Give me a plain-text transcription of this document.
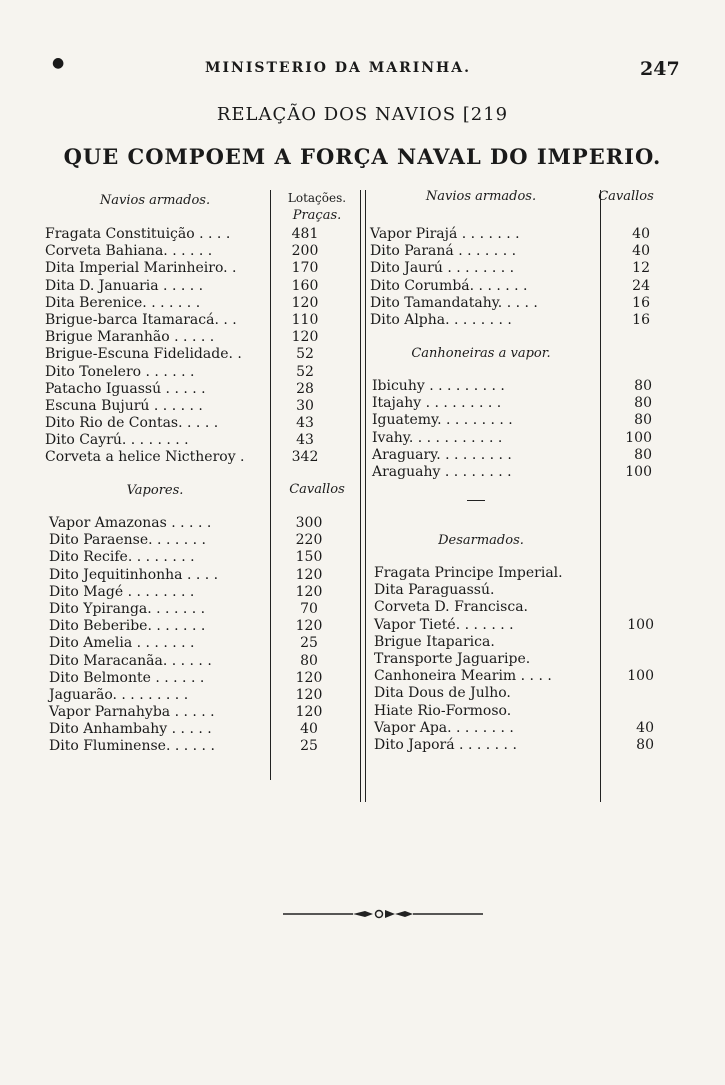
●	MINISTERIO DA MARINHA.	247
RELAÇÃO DOS NAVIOS [219
QUE COMPOEM A FORÇA NAVAL DO IMPERIO.
Navios armados.	Lotações.
Praças.
Fragata Constituição . . . .	481
Corveta Bahiana. . . . . .	200
Dita Imperial Marinheiro. .	170
Dita D. Januaria . . . . .	160
Dita Berenice. . . . . . .	120
Brigue-barca Itamaracá. . .	110
Brigue Maranhão . . . . .	120
Brigue-Escuna Fidelidade. .	52
Dito Tonelero . . . . . .	52
Patacho Iguassú . . . . .	28
Escuna Bujurú . . . . . .	30
Dito Rio de Contas. . . . .	43
Dito Cayrú. . . . . . . .	43
Corveta a helice Nictheroy .	342
Vapores.	Cavallos
Vapor Amazonas . . . . .	300
Dito Paraense. . . . . . .	220
Dito Recife. . . . . . . .	150
Dito Jequitinhonha . . . .	120
Dito Magé . . . . . . . .	120
Dito Ypiranga. . . . . . .	70
Dito Beberibe. . . . . . .	120
Dito Amelia . . . . . . .	25
Dito Maracanãa. . . . . .	80
Dito Belmonte . . . . . .	120
Jaguarão. . . . . . . . .	120
Vapor Parnahyba . . . . .	120
Dito Anhambahy . . . . .	40
Dito Fluminense. . . . . .	25
Navios armados.	Cavallos
Vapor Pirajá . . . . . . .	40
Dito Paraná . . . . . . .	40
Dito Jaurú . . . . . . . .	12
Dito Corumbá. . . . . . .	24
Dito Tamandatahy. . . . .	16
Dito Alpha. . . . . . . .	16
Canhoneiras a vapor.
Ibicuhy . . . . . . . . .	80
Itajahy . . . . . . . . .	80
Iguatemy. . . . . . . . .	80
Ivahy. . . . . . . . . . .	100
Araguary. . . . . . . . .	80
Araguahy . . . . . . . .	100
Desarmados.
Fragata Principe Imperial.
Dita Paraguassú.
Corveta D. Francisca.
Vapor Tieté. . . . . . .	100
Brigue Itaparica.
Transporte Jaguaripe.
Canhoneira Mearim . . . .	100
Dita Dous de Julho.
Hiate Rio-Formoso.
Vapor Apa. . . . . . . .	40
Dito Japorá . . . . . . .	80
